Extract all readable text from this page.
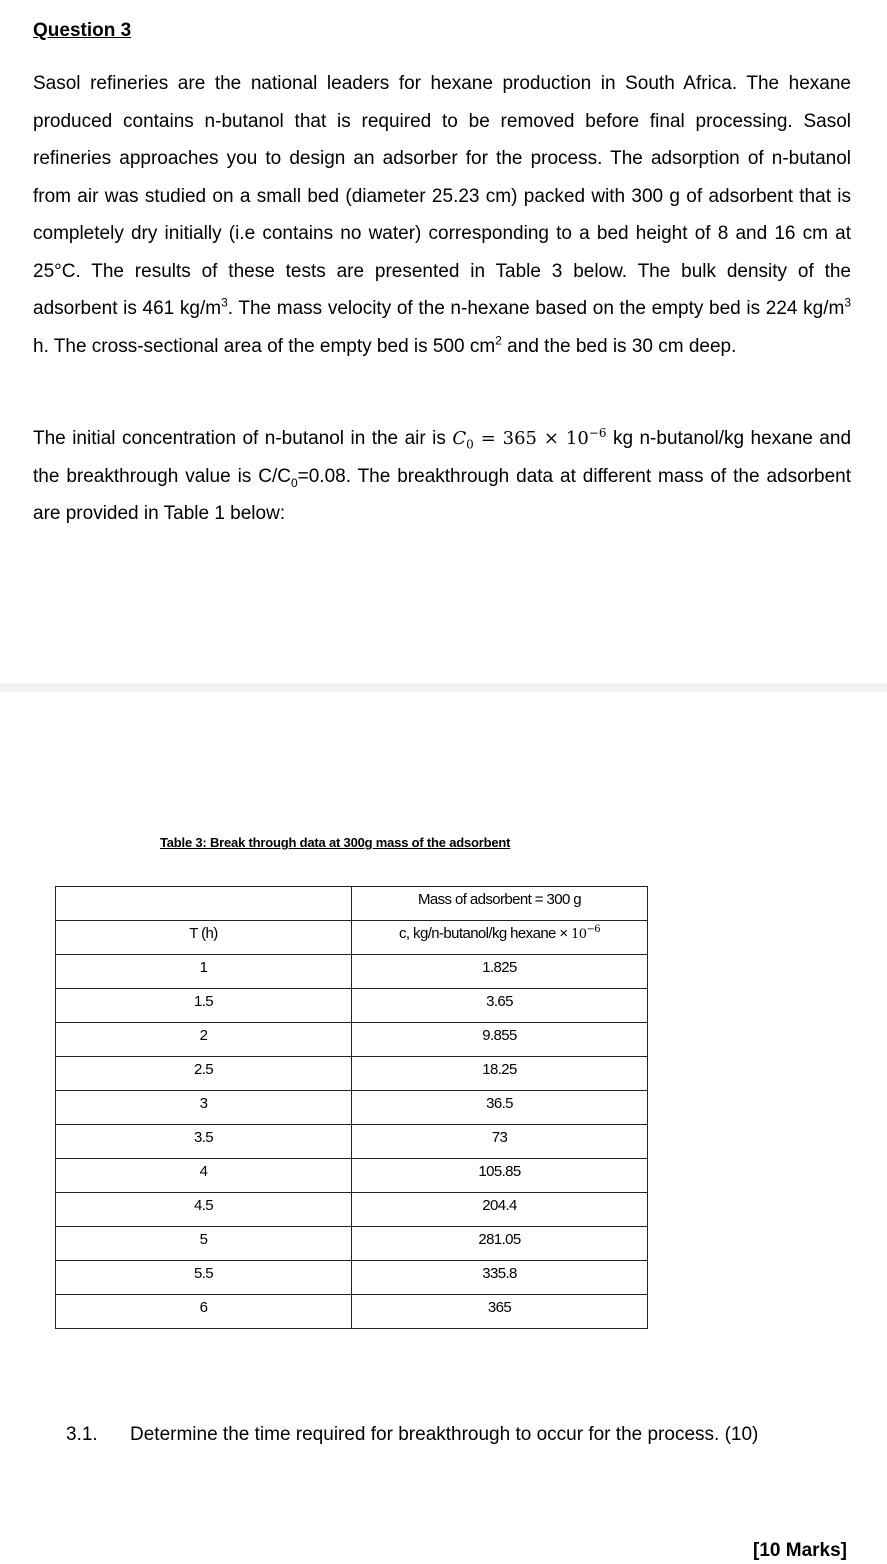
Question 3

Sasol refineries are the national leaders for hexane production in South Africa. The hexane produced contains n-butanol that is required to be removed before final processing. Sasol refineries approaches you to design an adsorber for the process. The adsorption of n-butanol from air was studied on a small bed (diameter 25.23 cm) packed with 300 g of adsorbent that is completely dry initially (i.e contains no water) corresponding to a bed height of 8 and 16 cm at 25°C. The results of these tests are presented in Table 3 below. The bulk density of the adsorbent is 461 $kg/m^3$. The mass velocity of the n-hexane based on the empty bed is 224 $kg/m^3$ h. The cross-sectional area of the empty bed is 500 $cm^2$ and the bed is 30 cm deep.

The initial concentration of n-butanol in the air is $C_0 = 365 \times 10^{-6}$ kg n-butanol/kg hexane and the breakthrough value is $C/C_0=0.08$. The breakthrough data at different mass of the adsorbent are provided in Table 1 below:

Table 3: Break through data at 300g mass of the adsorbent
	Mass of adsorbent = 300 g
T (h)	c, kg/n-butanol/kg hexane × $10^{-6}$
1	1.825
1.5	3.65
2	9.855
2.5	18.25
3	36.5
3.5	73
4	105.85
4.5	204.4
5	281.05
5.5	335.8
6	365
3.1. Determine the time required for breakthrough to occur for the process. (10)
[10 Marks]
